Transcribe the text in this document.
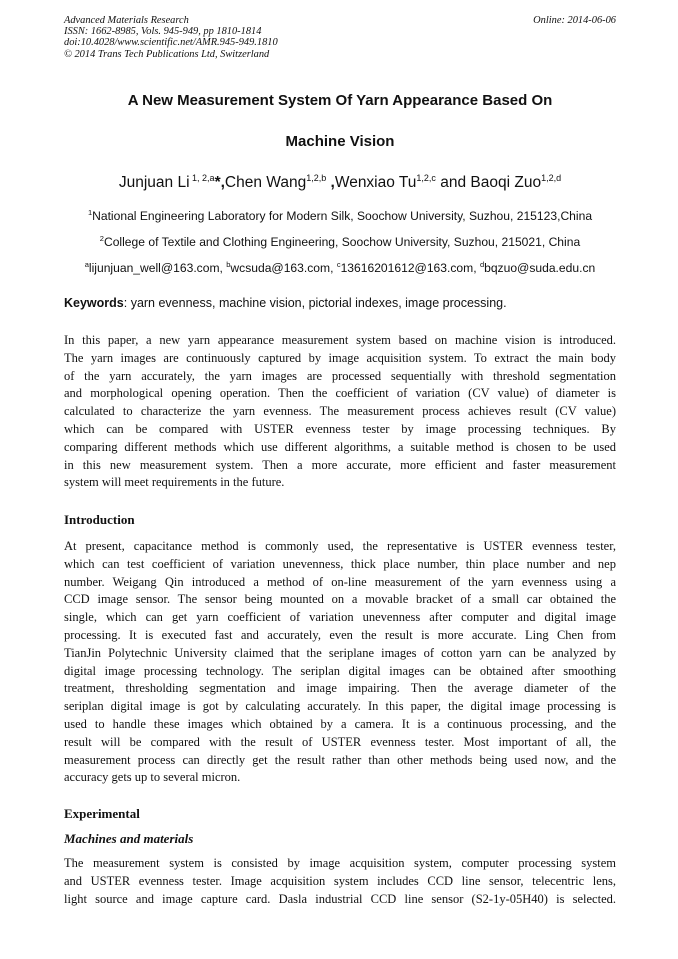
Advanced Materials Research
ISSN: 1662-8985, Vols. 945-949, pp 1810-1814
doi:10.4028/www.scientific.net/AMR.945-949.1810
© 2014 Trans Tech Publications Ltd, Switzerland
Online: 2014-06-06
A New Measurement System Of Yarn Appearance Based On
Machine Vision
Junjuan Li $^{1, 2,a}$*,Chen Wang$^{1,2,b}$ ,Wenxiao Tu$^{1,2,c}$ and Baoqi Zuo$^{1,2,d}$
$^1$National Engineering Laboratory for Modern Silk, Soochow University, Suzhou, 215123,China
$^2$College of Textile and Clothing Engineering, Soochow University, Suzhou, 215021, China
$^a$lijunjuan_well@163.com, $^b$wcsuda@163.com, $^c$13616201612@163.com, $^d$bqzuo@suda.edu.cn
Keywords: yarn evenness, machine vision, pictorial indexes, image processing.
In this paper, a new yarn appearance measurement system based on machine vision is introduced.
The yarn images are continuously captured by image acquisition system. To extract the main body
of the yarn accurately, the yarn images are processed sequentially with threshold segmentation
and morphological opening operation. Then the coefficient of variation (CV value) of diameter is
calculated to characterize the yarn evenness. The measurement process achieves result (CV value)
which can be compared with USTER evenness tester by image processing techniques. By
comparing different methods which use different algorithms, a suitable method is chosen to be used
in this new measurement system. Then a more accurate, more efficient and faster measurement
system will meet requirements in the future.
Introduction
At present, capacitance method is commonly used, the representative is USTER evenness tester,
which can test coefficient of variation unevenness, thick place number, thin place number and nep
number. Weigang Qin introduced a method of on-line measurement of the yarn evenness using a
CCD image sensor. The sensor being mounted on a movable bracket of a small car obtained the
single, which can get yarn coefficient of variation unevenness after computer and digital image
processing. It is executed fast and accurately, even the result is more accurate. Ling Chen from
TianJin Polytechnic University claimed that the seriplane images of cotton yarn can be analyzed by
digital image processing technology. The seriplan digital images can be obtained after smoothing
treatment, thresholding segmentation and image impairing. Then the average diameter of the
seriplan digital image is got by calculating accurately. In this paper, the digital image processing is
used to handle these images which obtained by a camera. It is a continuous processing, and the
result will be compared with the result of USTER evenness tester. Most important of all, the
measurement process can directly get the result rather than other methods being used now, and the
accuracy gets up to several micron.
Experimental
Machines and materials
The measurement system is consisted by image acquisition system, computer processing system
and USTER evenness tester. Image acquisition system includes CCD line sensor, telecentric lens,
light source and image capture card. Dasla industrial CCD line sensor (S2-1y-05H40) is selected.
